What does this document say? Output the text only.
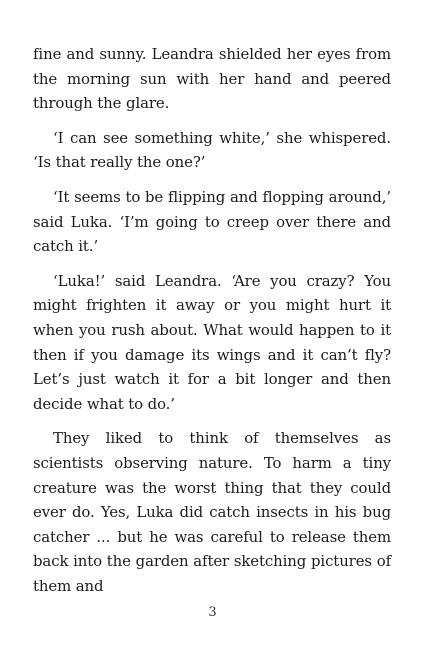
fine and sunny. Leandra shielded her eyes from the morning sun with her hand and peered through the glare.

‘I can see something white,’ she whispered. ‘Is that really the one?’

‘It seems to be flipping and flopping around,’ said Luka. ‘I’m going to creep over there and catch it.’

‘Luka!’ said Leandra. ‘Are you crazy? You might frighten it away or you might hurt it when you rush about. What would happen to it then if you damage its wings and it can’t fly? Let’s just watch it for a bit longer and then decide what to do.’

They liked to think of themselves as scientists observing nature. To harm a tiny creature was the worst thing that they could ever do. Yes, Luka did catch insects in his bug catcher ... but he was careful to release them back into the garden after sketching pictures of them and

3
